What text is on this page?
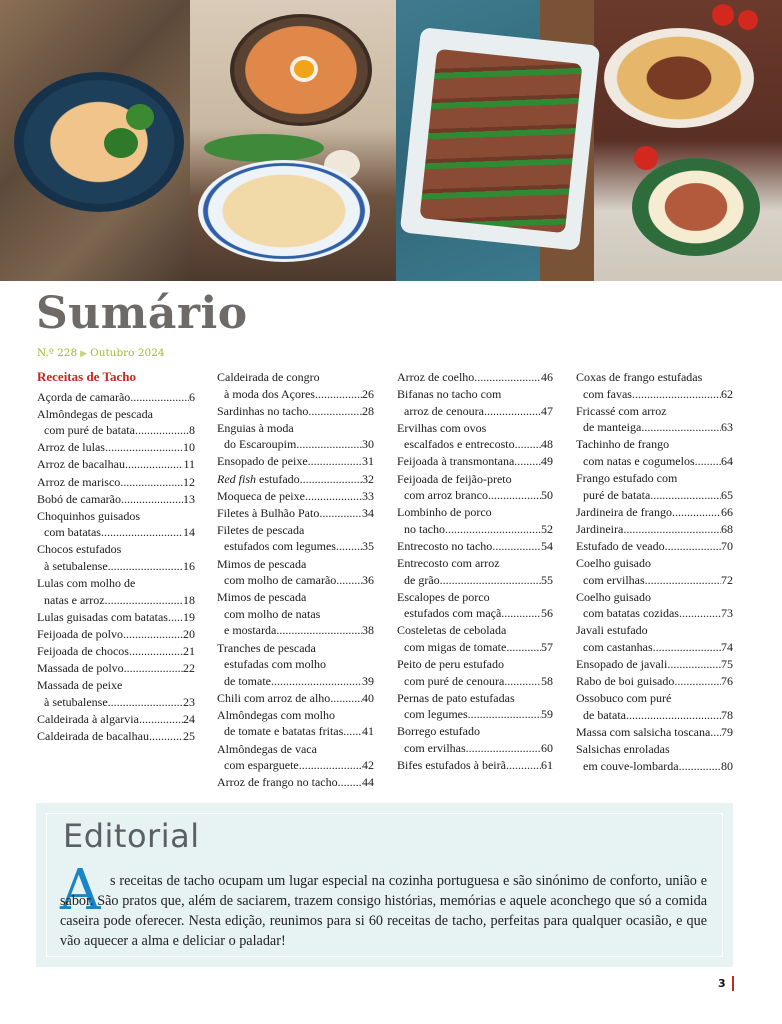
Sumário
N.º 228 ▶ Outubro 2024
Receitas de Tacho
Açorda de camarão .....	6
Almôndegas de pescada
com puré de batata .....	8
Arroz de lulas .....	10
Arroz de bacalhau .....	11
Arroz de marisco .....	12
Bobó de camarão .....	13
Choquinhos guisados
com batatas .....	14
Chocos estufados
à setubalense .....	16
Lulas com molho de
natas e arroz .....	18
Lulas guisadas com batatas ..... 19
Feijoada de polvo .....	20
Feijoada de chocos .....	21
Massada de polvo .....	22
Massada de peixe
à setubalense .....	23
Caldeirada à algarvia .....	24
Caldeirada de bacalhau .....	25
Caldeirada de congro
à moda dos Açores .....	26
Sardinhas no tacho .....	28
Enguias à moda
do Escaroupim .....	30
Ensopado de peixe .....	31
Red fish estufado .....	32
Moqueca de peixe .....	33
Filetes à Bulhão Pato .....	34
Filetes de pescada
estufados com legumes ..... 35
Mimos de pescada
com molho de camarão ..... 36
Mimos de pescada
com molho de natas
e mostarda .....	38
Tranches de pescada
estufadas com molho
de tomate .....	39
Chili com arroz de alho .....	40
Almôndegas com molho
de tomate e batatas fritas ..... 41
Almôndegas de vaca
com esparguete .....	42
Arroz de frango no tacho ..... 44
Arroz de coelho .....	46
Bifanas no tacho com
arroz de cenoura .....	47
Ervilhas com ovos
escalfados e entrecosto ..... 48
Feijoada à transmontana ..... 49
Feijoada de feijão-preto
com arroz branco .....	50
Lombinho de porco
no tacho .....	52
Entrecosto no tacho .....	54
Entrecosto com arroz
de grão .....	55
Escalopes de porco
estufados com maçã .....	56
Costeletas de cebolada
com migas de tomate .....	57
Peito de peru estufado
com puré de cenoura .....	58
Pernas de pato estufadas
com legumes .....	59
Borrego estufado
com ervilhas .....	60
Bifes estufados à beirã .....	61
Coxas de frango estufadas
com favas .....	62
Fricassé com arroz
de manteiga .....	63
Tachinho de frango
com natas e cogumelos ..... 64
Frango estufado com
puré de batata .....	65
Jardineira de frango .....	66
Jardineira .....	68
Estufado de veado .....	70
Coelho guisado
com ervilhas .....	72
Coelho guisado
com batatas cozidas .....	73
Javali estufado
com castanhas .....	74
Ensopado de javali .....	75
Rabo de boi guisado .....	76
Ossobuco com puré
de batata .....	78
Massa com salsicha toscana ..... 79
Salsichas enroladas
em couve-lombarda .....	80
Editorial
A s receitas de tacho ocupam um lugar especial na cozinha portuguesa e são sinónimo de conforto, união e sabor. São pratos que, além de saciarem, trazem consigo histórias, memórias e aquele aconchego que só a comida caseira pode oferecer. Nesta edição, reunimos para si 60 receitas de tacho, perfeitas para qualquer ocasião, e que vão aquecer a alma e deliciar o paladar!

3
